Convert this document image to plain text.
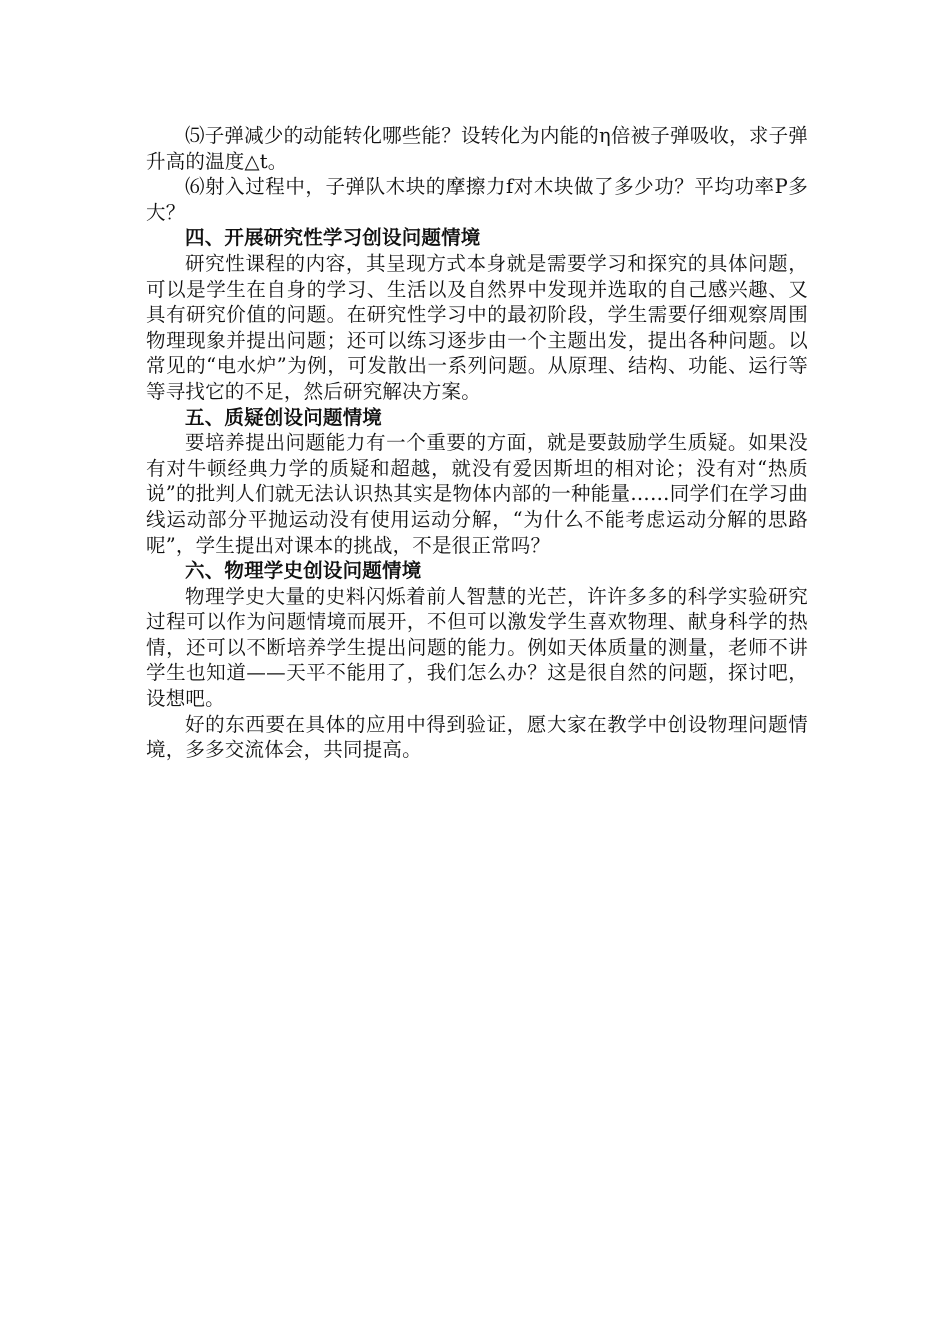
⑸子弹减少的动能转化哪些能？设转化为内能的η倍被子弹吸收，求子弹升高的温度△t。

⑹射入过程中，子弹队木块的摩擦力f对木块做了多少功？平均功率P多大？

四、开展研究性学习创设问题情境

研究性课程的内容，其呈现方式本身就是需要学习和探究的具体问题，可以是学生在自身的学习、生活以及自然界中发现并选取的自己感兴趣、又具有研究价值的问题。在研究性学习中的最初阶段，学生需要仔细观察周围物理现象并提出问题；还可以练习逐步由一个主题出发，提出各种问题。以常见的“电水炉”为例，可发散出一系列问题。从原理、结构、功能、运行等等寻找它的不足，然后研究解决方案。

五、质疑创设问题情境

要培养提出问题能力有一个重要的方面，就是要鼓励学生质疑。如果没有对牛顿经典力学的质疑和超越，就没有爱因斯坦的相对论；没有对“热质说”的批判人们就无法认识热其实是物体内部的一种能量……同学们在学习曲线运动部分平抛运动没有使用运动分解，“为什么不能考虑运动分解的思路呢”，学生提出对课本的挑战，不是很正常吗？

六、物理学史创设问题情境

物理学史大量的史料闪烁着前人智慧的光芒，许许多多的科学实验研究过程可以作为问题情境而展开，不但可以激发学生喜欢物理、献身科学的热情，还可以不断培养学生提出问题的能力。例如天体质量的测量，老师不讲学生也知道——天平不能用了，我们怎么办？这是很自然的问题，探讨吧，设想吧。

好的东西要在具体的应用中得到验证，愿大家在教学中创设物理问题情境，多多交流体会，共同提高。
